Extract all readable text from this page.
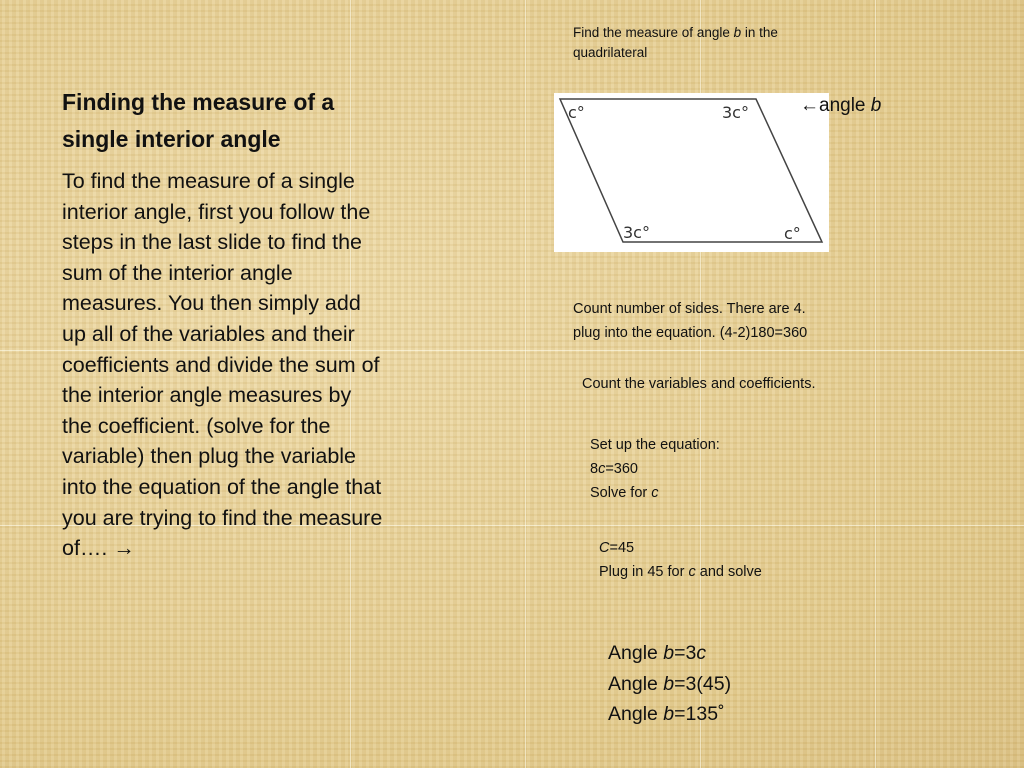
Finding the measure of a single interior angle
To find the measure of a single interior angle, first you follow the steps in the last slide to find the sum of the interior angle measures. You then simply add up all of the variables and their coefficients and divide the sum of the interior angle measures by the coefficient. (solve for the variable) then plug the variable into the equation of the angle that you are trying to find the measure of…. →
Find the measure of angle b in the quadrilateral
c°	3c°
3c°	c°
←angle b
Count number of sides. There are 4.
plug into the equation. (4-2)180=360
Count the variables and coefficients.
Set up the equation:
8c=360
Solve for c
C=45
Plug in 45 for c and solve
Angle b=3c
Angle b=3(45)
Angle b=135˚
